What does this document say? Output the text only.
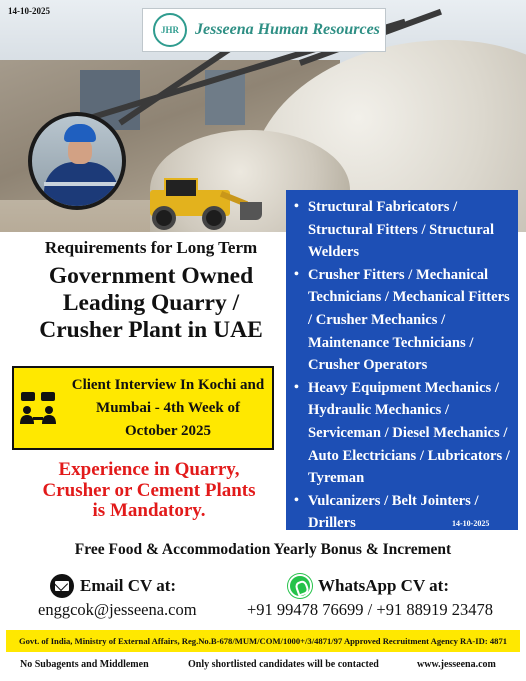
14-10-2025
JHR	Jesseena Human Resources
• Structural Fabricators / Structural Fitters / Structural Welders
• Crusher Fitters / Mechanical Technicians / Mechanical Fitters / Crusher Mechanics / Maintenance Technicians / Crusher Operators
• Heavy Equipment Mechanics / Hydraulic Mechanics / Serviceman / Diesel Mechanics / Auto Electricians / Lubricators / Tyreman
• Vulcanizers / Belt Jointers / Drillers	14-10-2025
Requirements for Long Term
Government Owned
Leading Quarry /
Crusher Plant in UAE
Client Interview In Kochi and
Mumbai - 4th Week of
October 2025
Experience in Quarry,
Crusher or Cement Plants
is Mandatory.
Free Food & Accommodation Yearly Bonus & Increment
Email CV at:
enggcok@jesseena.com
WhatsApp CV at:
+91 99478 76699 / +91 88919 23478
Govt. of India, Ministry of External Affairs, Reg.No.B-678/MUM/COM/1000+/3/4871/97 Approved Recruitment Agency RA-ID: 4871
No Subagents and Middlemen	Only shortlisted candidates will be contacted	www.jesseena.com
